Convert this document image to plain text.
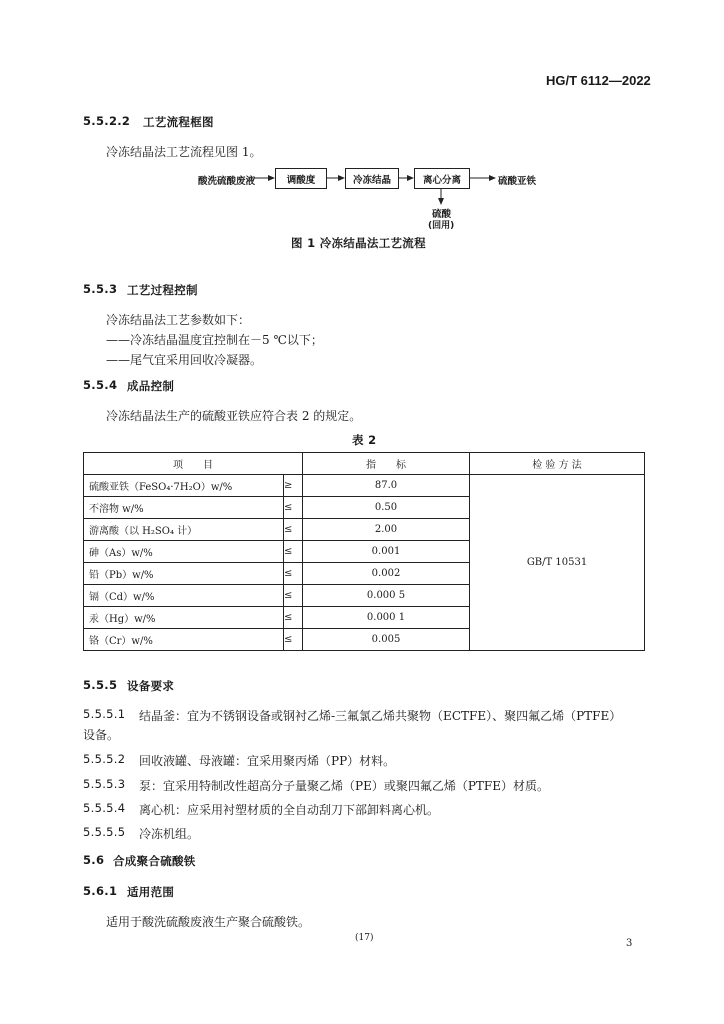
HG/T 6112—2022
5.5.2.2 工艺流程框图
冷冻结晶法工艺流程见图 1。
酸洗硫酸废液	调酸度	冷冻结晶	离心分离	硫酸亚铁
硫酸
(回用)
图 1 冷冻结晶法工艺流程
5.5.3 工艺过程控制
冷冻结晶法工艺参数如下：
——冷冻结晶温度宜控制在－5 ℃以下；
——尾气宜采用回收冷凝器。
5.5.4 成品控制
冷冻结晶法生产的硫酸亚铁应符合表 2 的规定。
表 2
项　　目		指　　标	检 验 方 法
硫酸亚铁（FeSO₄·7H₂O）w/%	≥	87.0	GB/T 10531
不溶物 w/%	≤	0.50	
游离酸（以 H₂SO₄ 计）	≤	2.00	
砷（As）w/%	≤	0.001	
铅（Pb）w/%	≤	0.002	
镉（Cd）w/%	≤	0.000 5	
汞（Hg）w/%	≤	0.000 1	
铬（Cr）w/%	≤	0.005	
5.5.5 设备要求
5.5.5.1 结晶釜：宜为不锈钢设备或钢衬乙烯-三氟氯乙烯共聚物（ECTFE）、聚四氟乙烯（PTFE）
设备。
5.5.5.2 回收液罐、母液罐：宜采用聚丙烯（PP）材料。
5.5.5.3 泵：宜采用特制改性超高分子量聚乙烯（PE）或聚四氟乙烯（PTFE）材质。
5.5.5.4 离心机：应采用衬塑材质的全自动刮刀下部卸料离心机。
5.5.5.5 冷冻机组。
5.6 合成聚合硫酸铁
5.6.1 适用范围
适用于酸洗硫酸废液生产聚合硫酸铁。
(17)	3
